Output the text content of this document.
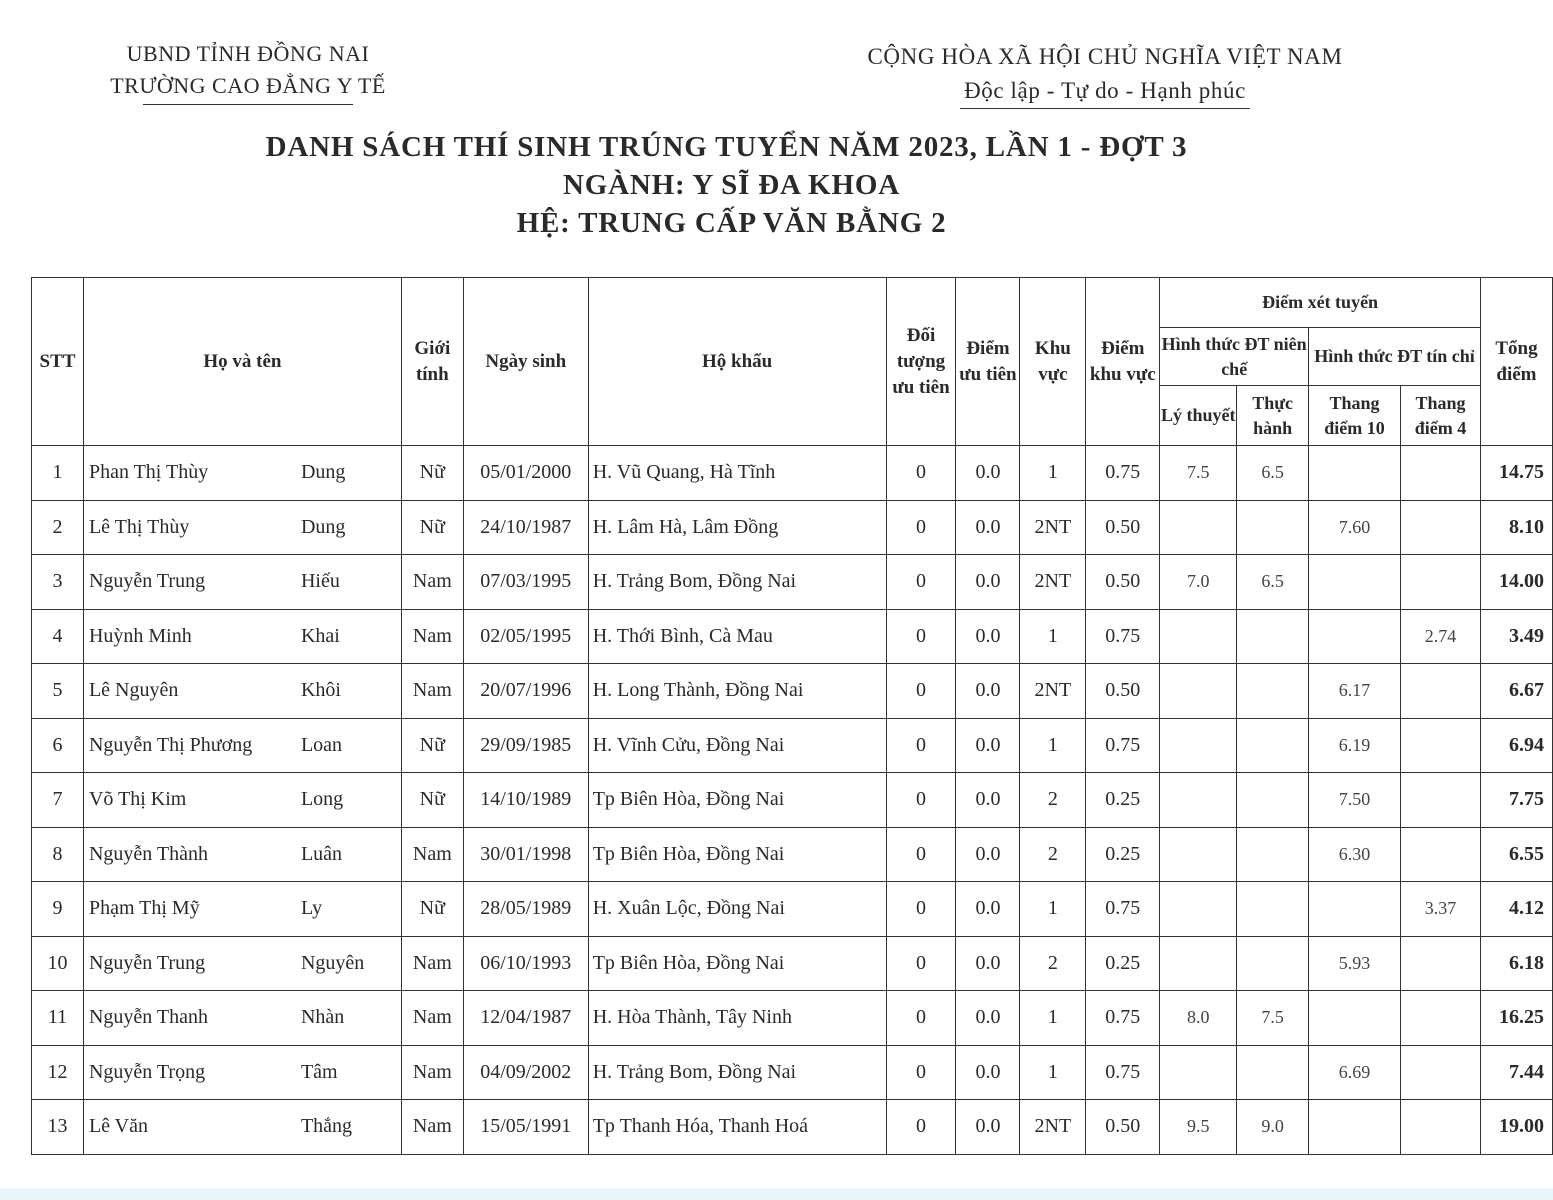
UBND TỈNH ĐỒNG NAI
TRƯỜNG CAO ĐẲNG Y TẾ
CỘNG HÒA XÃ HỘI CHỦ NGHĨA VIỆT NAM
Độc lập - Tự do - Hạnh phúc
DANH SÁCH THÍ SINH TRÚNG TUYỂN NĂM 2023, LẦN 1 - ĐỢT 3
NGÀNH: Y SĨ ĐA KHOA
HỆ: TRUNG CẤP VĂN BẰNG 2
STT	Họ và tên	Giới tính	Ngày sinh	Hộ khẩu	Đối tượng ưu tiên	Điểm ưu tiên	Khu vực	Điểm khu vực	Điểm xét tuyển				Tổng điểm
									Hình thức ĐT niên chế		Hình thức ĐT tín chỉ		
									Lý thuyết	Thực hành	Thang điểm 10	Thang điểm 4	
1	Phan Thị Thùy Dung	Nữ	05/01/2000	H. Vũ Quang, Hà Tĩnh	0	0.0	1	0.75	7.5	6.5			14.75
2	Lê Thị Thùy Dung	Nữ	24/10/1987	H. Lâm Hà, Lâm Đồng	0	0.0	2NT	0.50			7.60		8.10
3	Nguyễn Trung Hiếu	Nam	07/03/1995	H. Trảng Bom, Đồng Nai	0	0.0	2NT	0.50	7.0	6.5			14.00
4	Huỳnh Minh Khai	Nam	02/05/1995	H. Thới Bình, Cà Mau	0	0.0	1	0.75				2.74	3.49
5	Lê Nguyên Khôi	Nam	20/07/1996	H. Long Thành, Đồng Nai	0	0.0	2NT	0.50			6.17		6.67
6	Nguyễn Thị Phương Loan	Nữ	29/09/1985	H. Vĩnh Cửu, Đồng Nai	0	0.0	1	0.75			6.19		6.94
7	Võ Thị Kim Long	Nữ	14/10/1989	Tp Biên Hòa, Đồng Nai	0	0.0	2	0.25			7.50		7.75
8	Nguyễn Thành Luân	Nam	30/01/1998	Tp Biên Hòa, Đồng Nai	0	0.0	2	0.25			6.30		6.55
9	Phạm Thị Mỹ Ly	Nữ	28/05/1989	H. Xuân Lộc, Đồng Nai	0	0.0	1	0.75				3.37	4.12
10	Nguyễn Trung Nguyên	Nam	06/10/1993	Tp Biên Hòa, Đồng Nai	0	0.0	2	0.25			5.93		6.18
11	Nguyễn Thanh Nhàn	Nam	12/04/1987	H. Hòa Thành, Tây Ninh	0	0.0	1	0.75	8.0	7.5			16.25
12	Nguyễn Trọng Tâm	Nam	04/09/2002	H. Trảng Bom, Đồng Nai	0	0.0	1	0.75			6.69		7.44
13	Lê Văn Thắng	Nam	15/05/1991	Tp Thanh Hóa, Thanh Hoá	0	0.0	2NT	0.50	9.5	9.0			19.00
